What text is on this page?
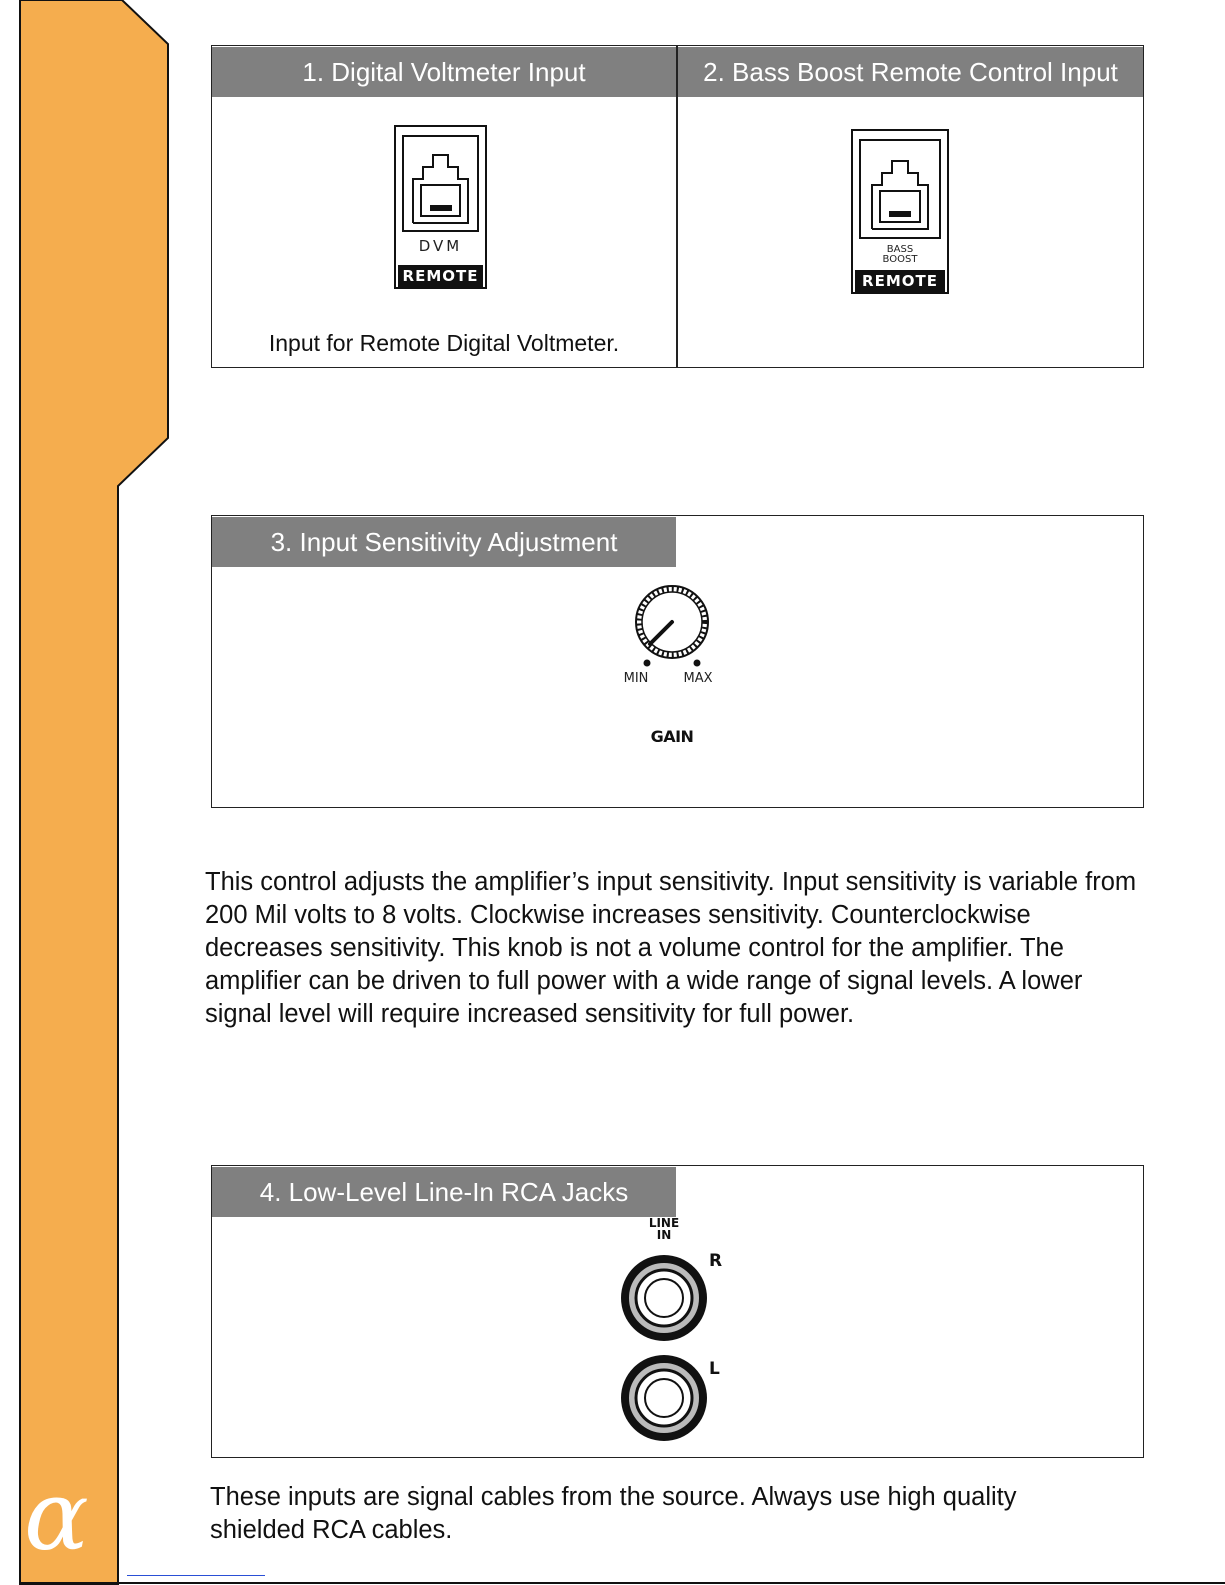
α
1. Digital Voltmeter Input	2. Bass Boost Remote Control Input
DVM
REMOTE
Input for Remote Digital Voltmeter.
BASS
BOOST
REMOTE
3. Input Sensitivity Adjustment
MIN	MAX
GAIN
This control adjusts the amplifier’s input sensitivity. Input sensitivity is variable from 200 Mil volts to 8 volts. Clockwise increases sensitivity. Counterclockwise decreases sensitivity. This knob is not a volume control for the amplifier. The amplifier can be driven to full power with a wide range of signal levels. A lower signal level will require increased sensitivity for full power.
4. Low-Level Line-In RCA Jacks
LINE
IN
R
L
These inputs are signal cables from the source. Always use high quality shielded RCA cables.
